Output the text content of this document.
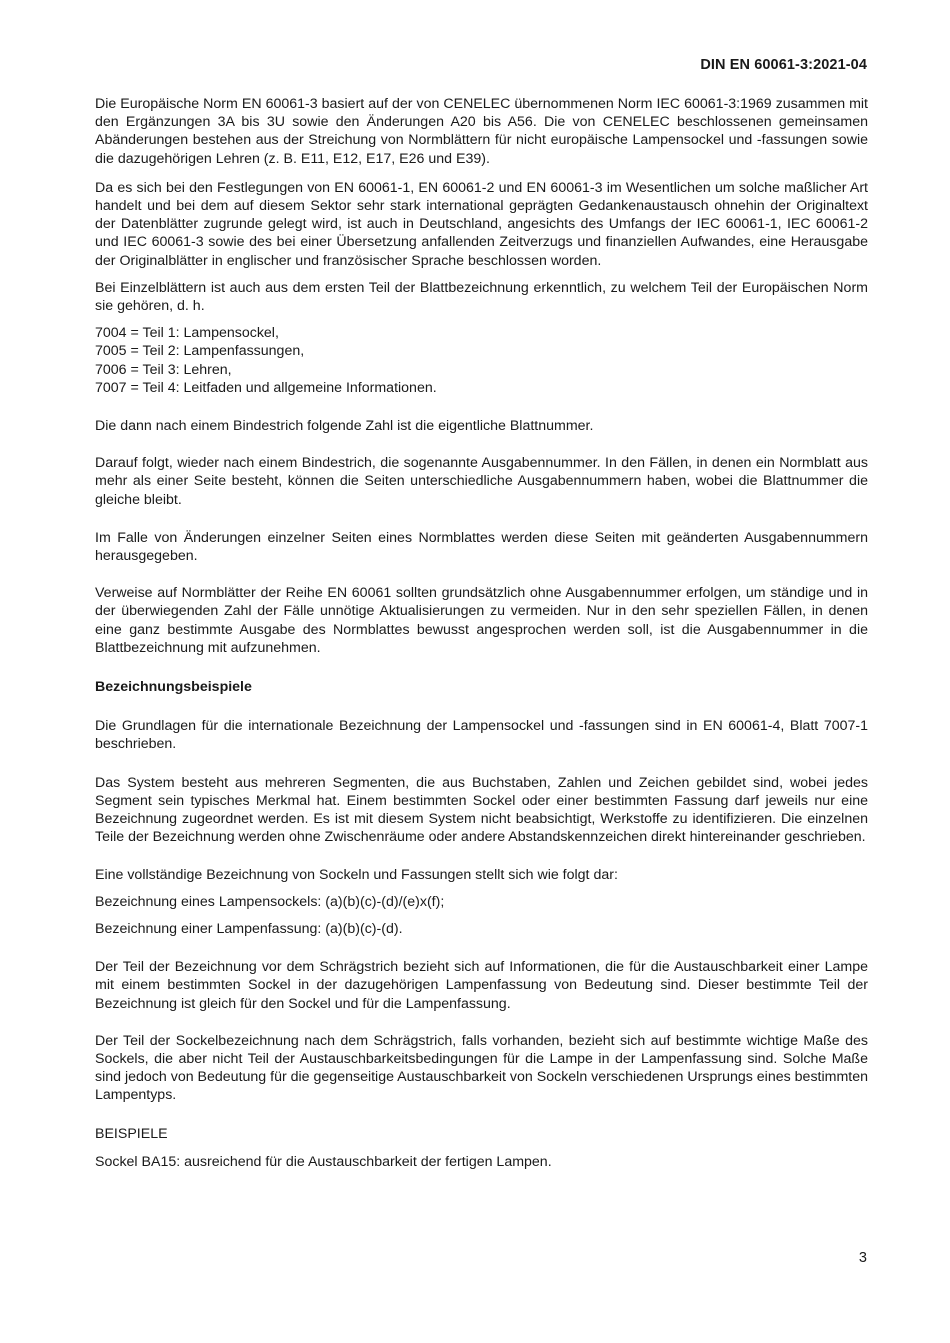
DIN EN 60061-3:2021-04

Die Europäische Norm EN 60061-3 basiert auf der von CENELEC übernommenen Norm IEC 60061-3:1969 zusammen mit den Ergänzungen 3A bis 3U sowie den Änderungen A20 bis A56. Die von CENELEC beschlossenen gemeinsamen Abänderungen bestehen aus der Streichung von Normblättern für nicht europäische Lampensockel und -fassungen sowie die dazugehörigen Lehren (z. B. E11, E12, E17, E26 und E39).

Da es sich bei den Festlegungen von EN 60061-1, EN 60061-2 und EN 60061-3 im Wesentlichen um solche maßlicher Art handelt und bei dem auf diesem Sektor sehr stark international geprägten Gedankenaustausch ohnehin der Originaltext der Datenblätter zugrunde gelegt wird, ist auch in Deutschland, angesichts des Umfangs der IEC 60061-1, IEC 60061-2 und IEC 60061-3 sowie des bei einer Übersetzung anfallenden Zeitverzugs und finanziellen Aufwandes, eine Herausgabe der Originalblätter in englischer und französischer Sprache beschlossen worden.

Bei Einzelblättern ist auch aus dem ersten Teil der Blattbezeichnung erkenntlich, zu welchem Teil der Europäischen Norm sie gehören, d. h.

7004 = Teil 1: Lampensockel,
7005 = Teil 2: Lampenfassungen,
7006 = Teil 3: Lehren,
7007 = Teil 4: Leitfaden und allgemeine Informationen.

Die dann nach einem Bindestrich folgende Zahl ist die eigentliche Blattnummer.

Darauf folgt, wieder nach einem Bindestrich, die sogenannte Ausgabennummer. In den Fällen, in denen ein Normblatt aus mehr als einer Seite besteht, können die Seiten unterschiedliche Ausgabennummern haben, wobei die Blattnummer die gleiche bleibt.

Im Falle von Änderungen einzelner Seiten eines Normblattes werden diese Seiten mit geänderten Ausgabennummern herausgegeben.

Verweise auf Normblätter der Reihe EN 60061 sollten grundsätzlich ohne Ausgabennummer erfolgen, um ständige und in der überwiegenden Zahl der Fälle unnötige Aktualisierungen zu vermeiden. Nur in den sehr speziellen Fällen, in denen eine ganz bestimmte Ausgabe des Normblattes bewusst angesprochen werden soll, ist die Ausgabennummer in die Blattbezeichnung mit aufzunehmen.

Bezeichnungsbeispiele

Die Grundlagen für die internationale Bezeichnung der Lampensockel und -fassungen sind in EN 60061-4, Blatt 7007-1 beschrieben.

Das System besteht aus mehreren Segmenten, die aus Buchstaben, Zahlen und Zeichen gebildet sind, wobei jedes Segment sein typisches Merkmal hat. Einem bestimmten Sockel oder einer bestimmten Fassung darf jeweils nur eine Bezeichnung zugeordnet werden. Es ist mit diesem System nicht beabsichtigt, Werkstoffe zu identifizieren. Die einzelnen Teile der Bezeichnung werden ohne Zwischenräume oder andere Abstandskennzeichen direkt hintereinander geschrieben.

Eine vollständige Bezeichnung von Sockeln und Fassungen stellt sich wie folgt dar:

Bezeichnung eines Lampensockels: (a)(b)(c)-(d)/(e)x(f);

Bezeichnung einer Lampenfassung: (a)(b)(c)-(d).

Der Teil der Bezeichnung vor dem Schrägstrich bezieht sich auf Informationen, die für die Austauschbarkeit einer Lampe mit einem bestimmten Sockel in der dazugehörigen Lampenfassung von Bedeutung sind. Dieser bestimmte Teil der Bezeichnung ist gleich für den Sockel und für die Lampenfassung.

Der Teil der Sockelbezeichnung nach dem Schrägstrich, falls vorhanden, bezieht sich auf bestimmte wichtige Maße des Sockels, die aber nicht Teil der Austauschbarkeitsbedingungen für die Lampe in der Lampenfassung sind. Solche Maße sind jedoch von Bedeutung für die gegenseitige Austauschbarkeit von Sockeln verschiedenen Ursprungs eines bestimmten Lampentyps.

BEISPIELE

Sockel BA15: ausreichend für die Austauschbarkeit der fertigen Lampen.

3
